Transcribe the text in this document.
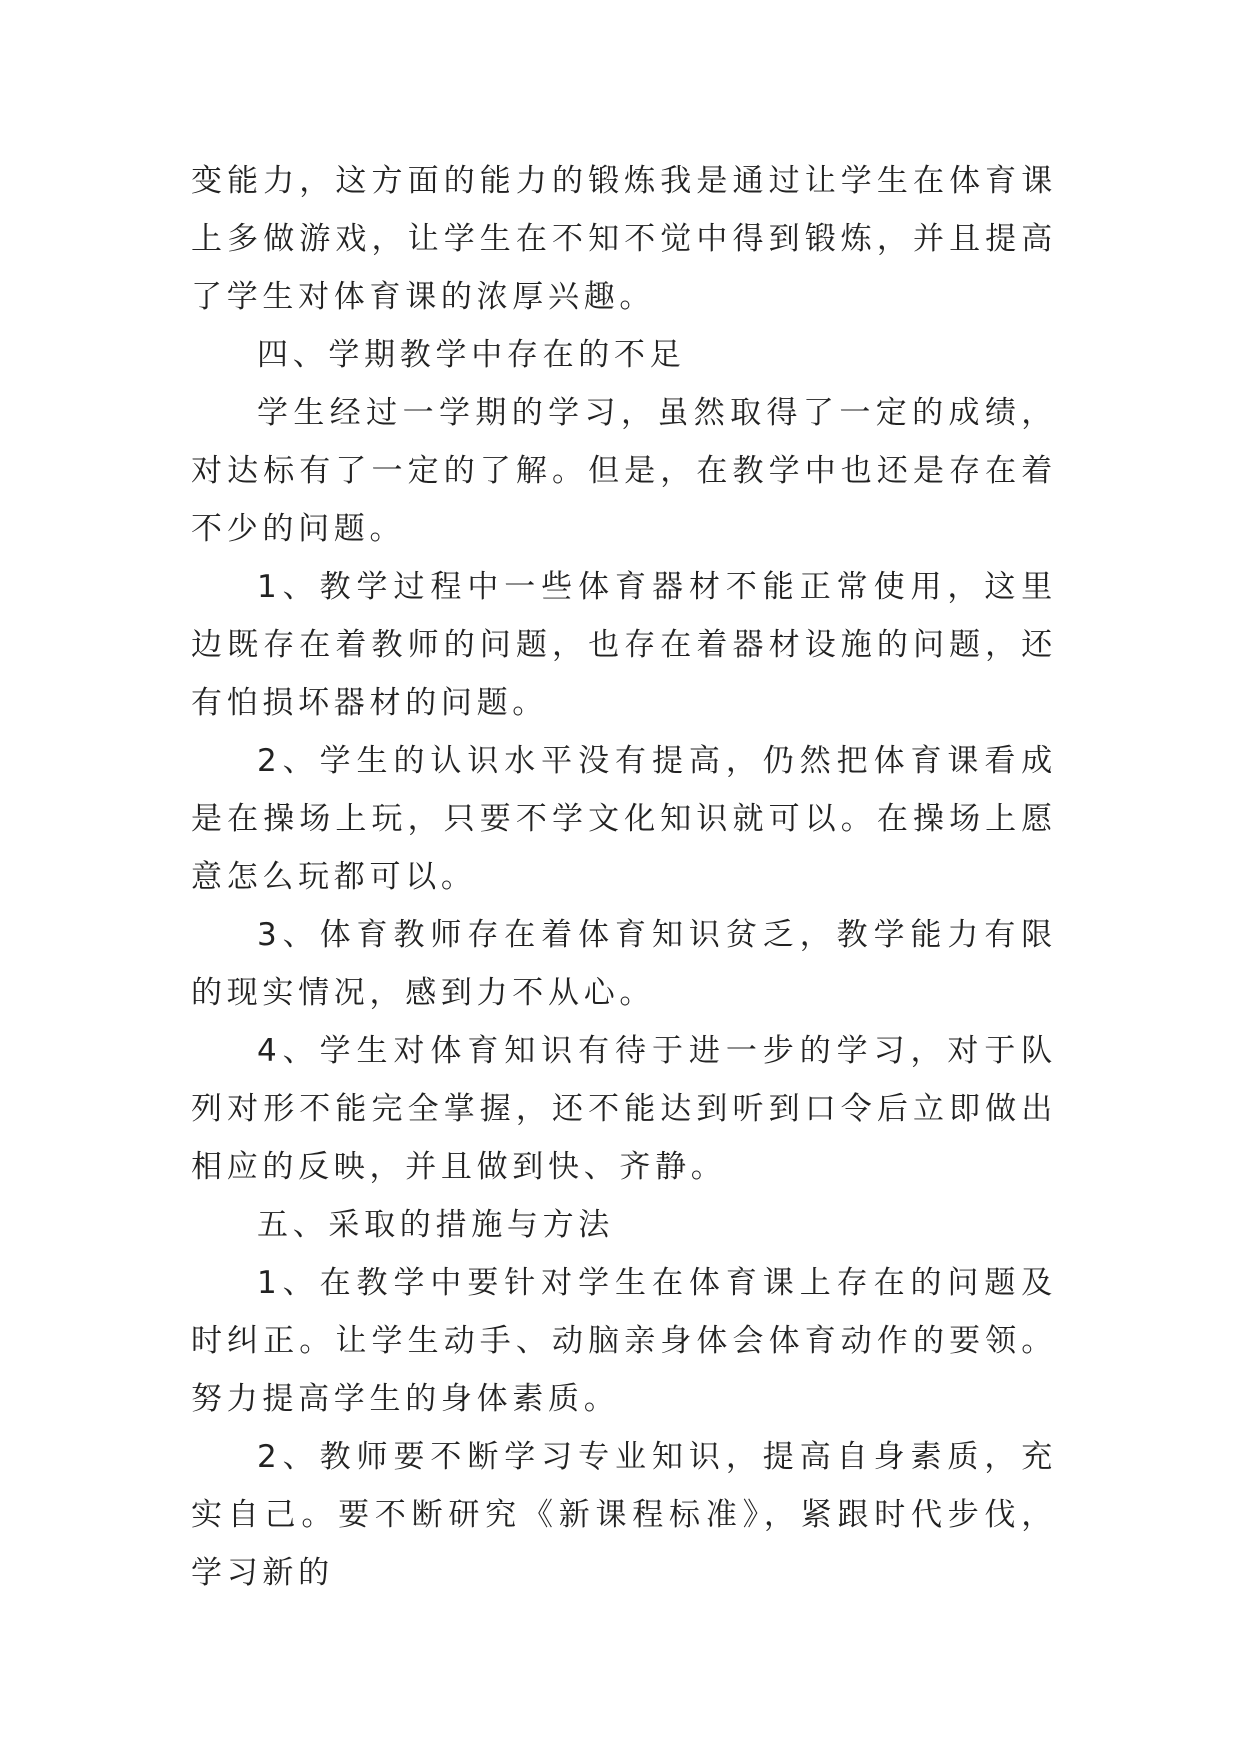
变能力，这方面的能力的锻炼我是通过让学生在体育课上多做游戏，让学生在不知不觉中得到锻炼，并且提高了学生对体育课的浓厚兴趣。

四、学期教学中存在的不足

学生经过一学期的学习，虽然取得了一定的成绩，对达标有了一定的了解。但是，在教学中也还是存在着不少的问题。

1、教学过程中一些体育器材不能正常使用，这里边既存在着教师的问题，也存在着器材设施的问题，还有怕损坏器材的问题。

2、学生的认识水平没有提高，仍然把体育课看成是在操场上玩，只要不学文化知识就可以。在操场上愿意怎么玩都可以。

3、体育教师存在着体育知识贫乏，教学能力有限的现实情况，感到力不从心。

4、学生对体育知识有待于进一步的学习，对于队列对形不能完全掌握，还不能达到听到口令后立即做出相应的反映，并且做到快、齐静。

五、采取的措施与方法

1、在教学中要针对学生在体育课上存在的问题及时纠正。让学生动手、动脑亲身体会体育动作的要领。努力提高学生的身体素质。

2、教师要不断学习专业知识，提高自身素质，充实自己。要不断研究《新课程标准》，紧跟时代步伐，学习新的
